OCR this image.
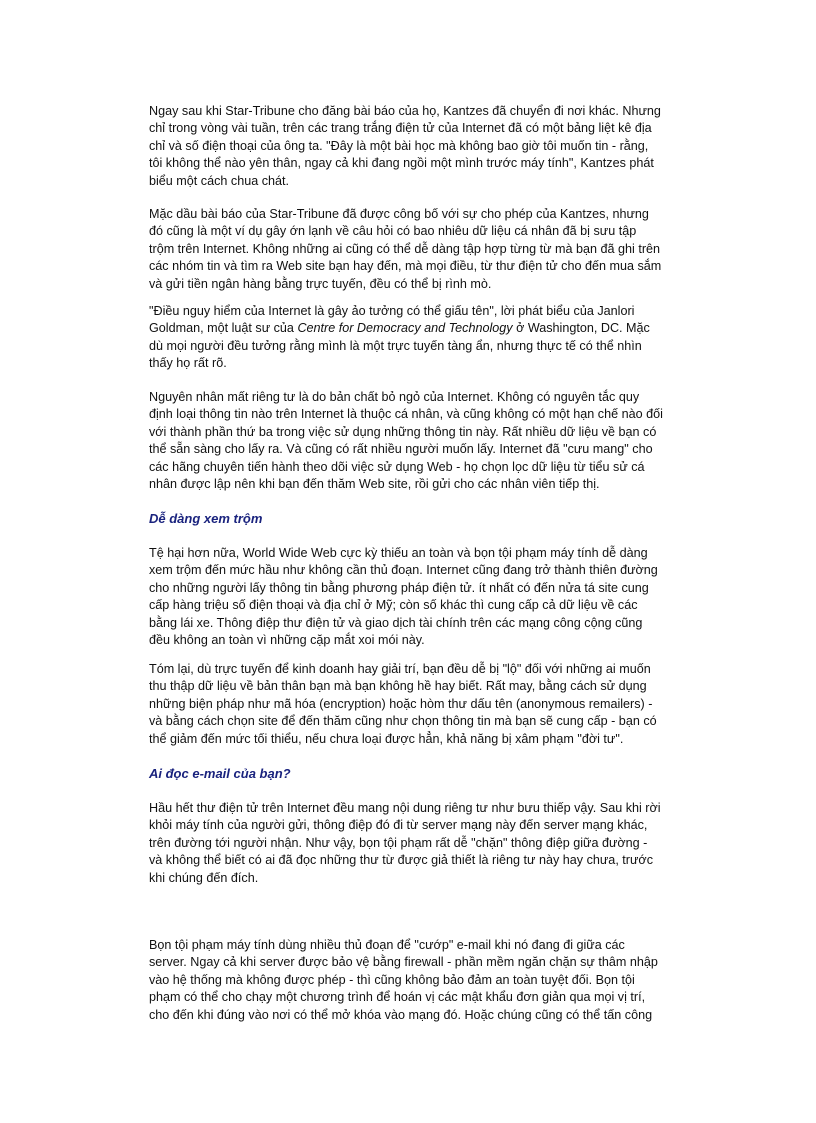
Ngay sau khi Star-Tribune cho đăng bài báo của họ, Kantzes đã chuyển đi nơi khác. Nhưng
chỉ trong vòng vài tuần, trên các trang trắng điện tử của Internet đã có một bảng liệt kê địa
chỉ và số điện thoại của ông ta. "Đây là một bài học mà không bao giờ tôi muốn tin - rằng,
tôi không thể nào yên thân, ngay cả khi đang ngồi một mình trước máy tính", Kantzes phát
biểu một cách chua chát.
Mặc dầu bài báo của Star-Tribune đã được công bố với sự cho phép của Kantzes, nhưng
đó cũng là một ví dụ gây ớn lạnh về câu hỏi có bao nhiêu dữ liệu cá nhân đã bị sưu tập
trộm trên Internet. Không những ai cũng có thể dễ dàng tập hợp từng từ mà bạn đã ghi trên
các nhóm tin và tìm ra Web site bạn hay đến, mà mọi điều, từ thư điện tử cho đến mua sắm
và gửi tiền ngân hàng bằng trực tuyến, đều có thể bị rình mò.
"Điều nguy hiểm của Internet là gây ảo tưởng có thể giấu tên", lời phát biểu của Janlori
Goldman, một luật sư của Centre for Democracy and Technology ở Washington, DC. Mặc
dù mọi người đều tưởng rằng mình là một trực tuyến tàng ẩn, nhưng thực tế có thể nhìn
thấy họ rất rõ.
Nguyên nhân mất riêng tư là do bản chất bỏ ngỏ của Internet. Không có nguyên tắc quy
định loại thông tin nào trên Internet là thuộc cá nhân, và cũng không có một hạn chế nào đối
với thành phần thứ ba trong việc sử dụng những thông tin này. Rất nhiều dữ liệu về bạn có
thể sẵn sàng cho lấy ra. Và cũng có rất nhiều người muốn lấy. Internet đã "cưu mang" cho
các hãng chuyên tiến hành theo dõi việc sử dụng Web - họ chọn lọc dữ liệu từ tiểu sử cá
nhân được lập nên khi bạn đến thăm Web site, rồi gửi cho các nhân viên tiếp thị.
Dễ dàng xem trộm
Tệ hại hơn nữa, World Wide Web cực kỳ thiếu an toàn và bọn tội phạm máy tính dễ dàng
xem trộm đến mức hầu như không cần thủ đoạn. Internet cũng đang trở thành thiên đường
cho những người lấy thông tin bằng phương pháp điện tử. ít nhất có đến nửa tá site cung
cấp hàng triệu số điện thoại và địa chỉ ở Mỹ; còn số khác thì cung cấp cả dữ liệu về các
bằng lái xe. Thông điệp thư điện tử và giao dịch tài chính trên các mạng công cộng cũng
đều không an toàn vì những cặp mắt xoi mói này.
Tóm lại, dù trực tuyến để kinh doanh hay giải trí, bạn đều dễ bị "lộ" đối với những ai muốn
thu thập dữ liệu về bản thân bạn mà bạn không hề hay biết. Rất may, bằng cách sử dụng
những biện pháp như mã hóa (encryption) hoặc hòm thư dấu tên (anonymous remailers) -
và bằng cách chọn site để đến thăm cũng như chọn thông tin mà bạn sẽ cung cấp - bạn có
thể giảm đến mức tối thiểu, nếu chưa loại được hẳn, khả năng bị xâm phạm "đời tư".
Ai đọc e-mail của bạn?
Hầu hết thư điện tử trên Internet đều mang nội dung riêng tư như bưu thiếp vậy. Sau khi rời
khỏi máy tính của người gửi, thông điệp đó đi từ server mạng này đến server mạng khác,
trên đường tới người nhận. Như vậy, bọn tội phạm rất dễ "chặn" thông điệp giữa đường -
và không thể biết có ai đã đọc những thư từ được giả thiết là riêng tư này hay chưa, trước
khi chúng đến đích.
Bọn tội phạm máy tính dùng nhiều thủ đoạn để "cướp" e-mail khi nó đang đi giữa các
server. Ngay cả khi server được bảo vệ bằng firewall - phần mềm ngăn chặn sự thâm nhập
vào hệ thống mà không được phép - thì cũng không bảo đảm an toàn tuyệt đối. Bọn tội
phạm có thể cho chạy một chương trình để hoán vị các mật khẩu đơn giản qua mọi vị trí,
cho đến khi đúng vào nơi có thể mở khóa vào mạng đó. Hoặc chúng cũng có thể tấn công
